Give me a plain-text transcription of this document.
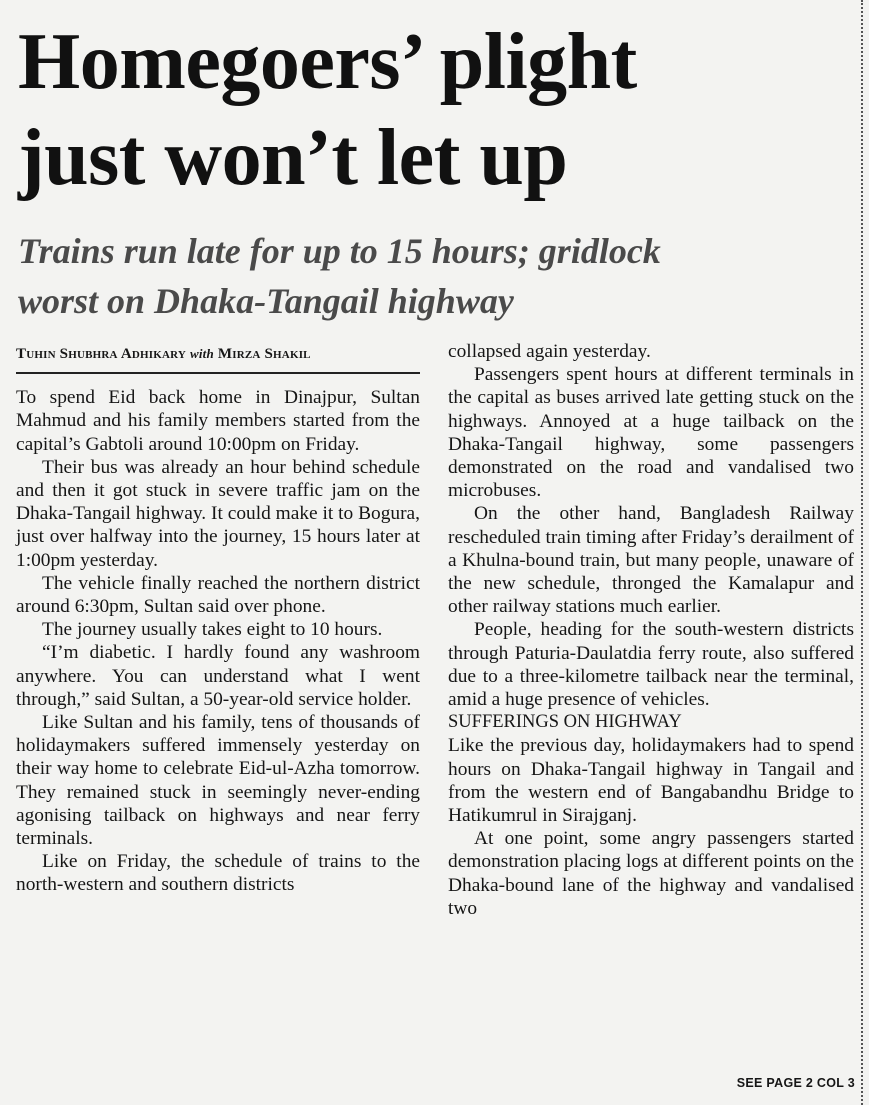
Homegoers’ plight
just won’t let up
Trains run late for up to 15 hours; gridlock
worst on Dhaka-Tangail highway
Tuhin Shubhra Adhikary with Mirza Shakil

To spend Eid back home in Dinajpur, Sultan Mahmud and his family members started from the capital’s Gabtoli around 10:00pm on Friday.

Their bus was already an hour behind schedule and then it got stuck in severe traffic jam on the Dhaka-Tangail highway. It could make it to Bogura, just over halfway into the journey, 15 hours later at 1:00pm yesterday.

The vehicle finally reached the northern district around 6:30pm, Sultan said over phone.

The journey usually takes eight to 10 hours.

“I’m diabetic. I hardly found any washroom anywhere. You can understand what I went through,” said Sultan, a 50-year-old service holder.

Like Sultan and his family, tens of thousands of holidaymakers suffered immensely yesterday on their way home to celebrate Eid-ul-Azha tomorrow. They remained stuck in seemingly never-ending agonising tailback on highways and near ferry terminals.

Like on Friday, the schedule of trains to the north-western and southern districts

collapsed again yesterday.

Passengers spent hours at different terminals in the capital as buses arrived late getting stuck on the highways. Annoyed at a huge tailback on the Dhaka-Tangail highway, some passengers demonstrated on the road and vandalised two microbuses.

On the other hand, Bangladesh Railway rescheduled train timing after Friday’s derailment of a Khulna-bound train, but many people, unaware of the new schedule, thronged the Kamalapur and other railway stations much earlier.

People, heading for the south-western districts through Paturia-Daulatdia ferry route, also suffered due to a three-kilometre tailback near the terminal, amid a huge presence of vehicles.

SUFFERINGS ON HIGHWAY

Like the previous day, holidaymakers had to spend hours on Dhaka-Tangail highway in Tangail and from the western end of Bangabandhu Bridge to Hatikumrul in Sirajganj.

At one point, some angry passengers started demonstration placing logs at different points on the Dhaka-bound lane of the highway and vandalised two

SEE PAGE 2 COL 3
